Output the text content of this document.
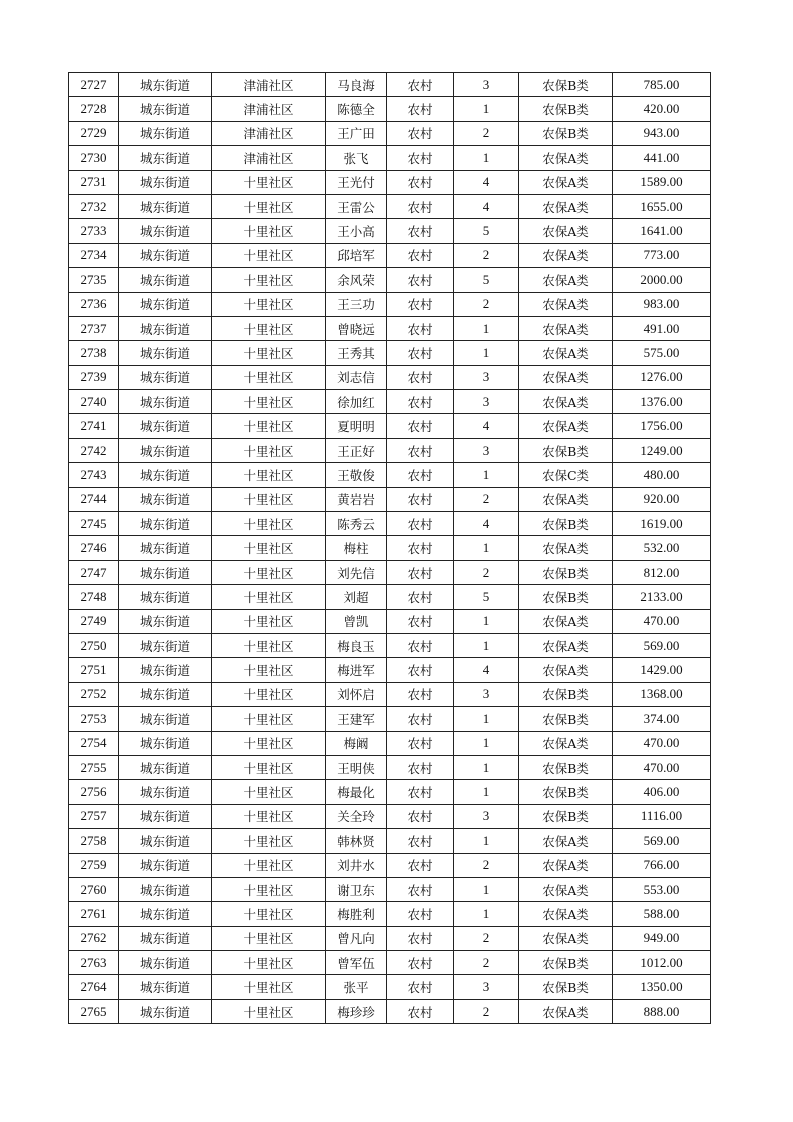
2727	城东街道	津浦社区	马良海	农村	3	农保B类	785.00
2728	城东街道	津浦社区	陈德全	农村	1	农保B类	420.00
2729	城东街道	津浦社区	王广田	农村	2	农保B类	943.00
2730	城东街道	津浦社区	张飞	农村	1	农保A类	441.00
2731	城东街道	十里社区	王光付	农村	4	农保A类	1589.00
2732	城东街道	十里社区	王雷公	农村	4	农保A类	1655.00
2733	城东街道	十里社区	王小高	农村	5	农保A类	1641.00
2734	城东街道	十里社区	邱培军	农村	2	农保A类	773.00
2735	城东街道	十里社区	余风荣	农村	5	农保A类	2000.00
2736	城东街道	十里社区	王三功	农村	2	农保A类	983.00
2737	城东街道	十里社区	曾晓远	农村	1	农保A类	491.00
2738	城东街道	十里社区	王秀其	农村	1	农保A类	575.00
2739	城东街道	十里社区	刘志信	农村	3	农保A类	1276.00
2740	城东街道	十里社区	徐加红	农村	3	农保A类	1376.00
2741	城东街道	十里社区	夏明明	农村	4	农保A类	1756.00
2742	城东街道	十里社区	王正好	农村	3	农保B类	1249.00
2743	城东街道	十里社区	王敬俊	农村	1	农保C类	480.00
2744	城东街道	十里社区	黄岩岩	农村	2	农保A类	920.00
2745	城东街道	十里社区	陈秀云	农村	4	农保B类	1619.00
2746	城东街道	十里社区	梅柱	农村	1	农保A类	532.00
2747	城东街道	十里社区	刘先信	农村	2	农保B类	812.00
2748	城东街道	十里社区	刘超	农村	5	农保B类	2133.00
2749	城东街道	十里社区	曾凯	农村	1	农保A类	470.00
2750	城东街道	十里社区	梅良玉	农村	1	农保A类	569.00
2751	城东街道	十里社区	梅进军	农村	4	农保A类	1429.00
2752	城东街道	十里社区	刘怀启	农村	3	农保B类	1368.00
2753	城东街道	十里社区	王建军	农村	1	农保B类	374.00
2754	城东街道	十里社区	梅阚	农村	1	农保A类	470.00
2755	城东街道	十里社区	王明侠	农村	1	农保B类	470.00
2756	城东街道	十里社区	梅最化	农村	1	农保B类	406.00
2757	城东街道	十里社区	关全玲	农村	3	农保B类	1116.00
2758	城东街道	十里社区	韩林贤	农村	1	农保A类	569.00
2759	城东街道	十里社区	刘井水	农村	2	农保A类	766.00
2760	城东街道	十里社区	谢卫东	农村	1	农保A类	553.00
2761	城东街道	十里社区	梅胜利	农村	1	农保A类	588.00
2762	城东街道	十里社区	曾凡向	农村	2	农保A类	949.00
2763	城东街道	十里社区	曾军伍	农村	2	农保B类	1012.00
2764	城东街道	十里社区	张平	农村	3	农保B类	1350.00
2765	城东街道	十里社区	梅珍珍	农村	2	农保A类	888.00
